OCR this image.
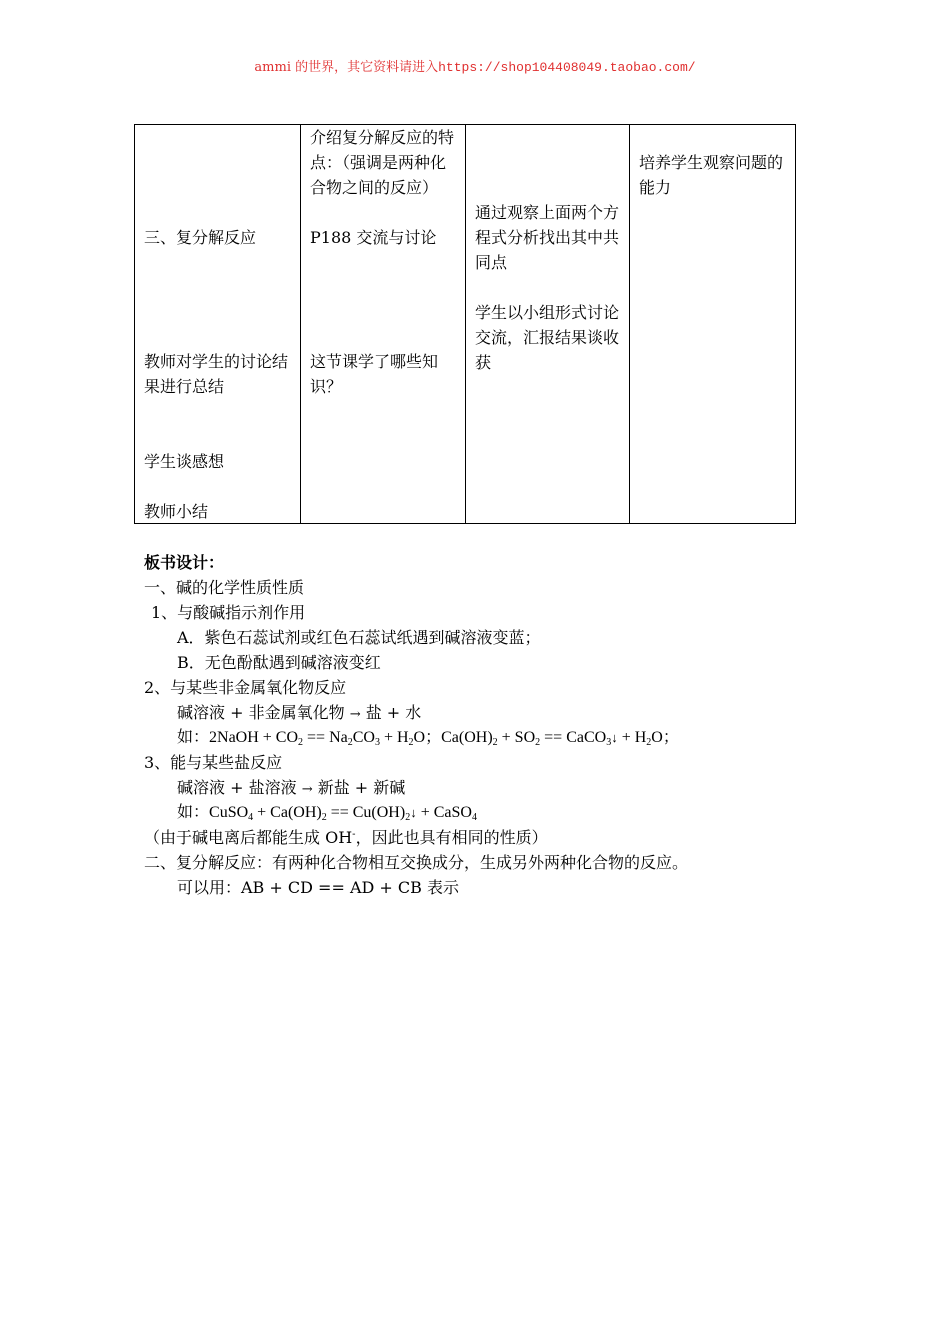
ammi 的世界，其它资料请进入https://shop104408049.taobao.com/
三、复分解反应
教师对学生的讨论结果进行总结
学生谈感想
教师小结

介绍复分解反应的特点：（强调是两种化合物之间的反应）
P188 交流与讨论
这节课学了哪些知识？

通过观察上面两个方程式分析找出其中共同点
学生以小组形式讨论交流，汇报结果谈收获

培养学生观察问题的能力
板书设计：
一、碱的化学性质性质
1、与酸碱指示剂作用
A．紫色石蕊试剂或红色石蕊试纸遇到碱溶液变蓝；
B．无色酚酞遇到碱溶液变红
2、与某些非金属氧化物反应
碱溶液 + 非金属氧化物 → 盐 + 水
如：2NaOH + $CO_2 == Na_2CO_3 + H_2O$；$Ca(OH)_2 + SO_2$ == CaCO$_3$↓ + $H_2O$；
3、能与某些盐反应
碱溶液 + 盐溶液 → 新盐 + 新碱
如：CuSO$_4$ + $Ca(OH)_2$ == $Cu(OH)_2↓$ + CaSO$_4$
（由于碱电离后都能生成 OH-，因此也具有相同的性质）
二、复分解反应：有两种化合物相互交换成分，生成另外两种化合物的反应。
可以用：AB + CD == AD + CB 表示
